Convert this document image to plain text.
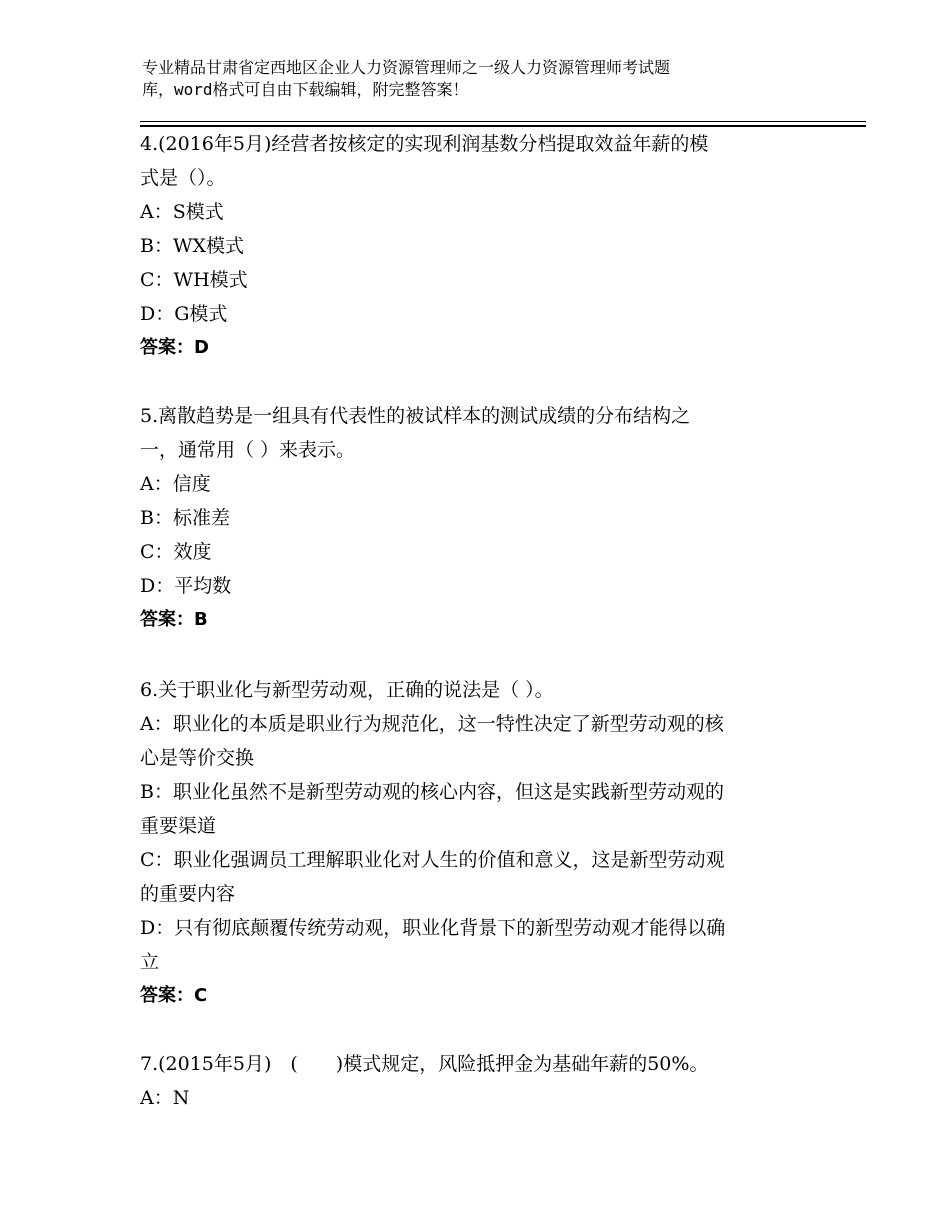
专业精品甘肃省定西地区企业人力资源管理师之一级人力资源管理师考试题
库，word格式可自由下载编辑，附完整答案！
4.(2016年5月)经营者按核定的实现利润基数分档提取效益年薪的模
式是（）。
A：S模式
B：WX模式
C：WH模式
D：G模式
答案：D
5.离散趋势是一组具有代表性的被试样本的测试成绩的分布结构之
一，通常用（ ）来表示。
A：信度
B：标准差
C：效度
D：平均数
答案：B
6.关于职业化与新型劳动观，正确的说法是（ ）。
A：职业化的本质是职业行为规范化，这一特性决定了新型劳动观的核
心是等价交换
B：职业化虽然不是新型劳动观的核心内容，但这是实践新型劳动观的
重要渠道
C：职业化强调员工理解职业化对人生的价值和意义，这是新型劳动观
的重要内容
D：只有彻底颠覆传统劳动观，职业化背景下的新型劳动观才能得以确
立
答案：C
7.(2015年5月)　(　　)模式规定，风险抵押金为基础年薪的50%。
A：N
